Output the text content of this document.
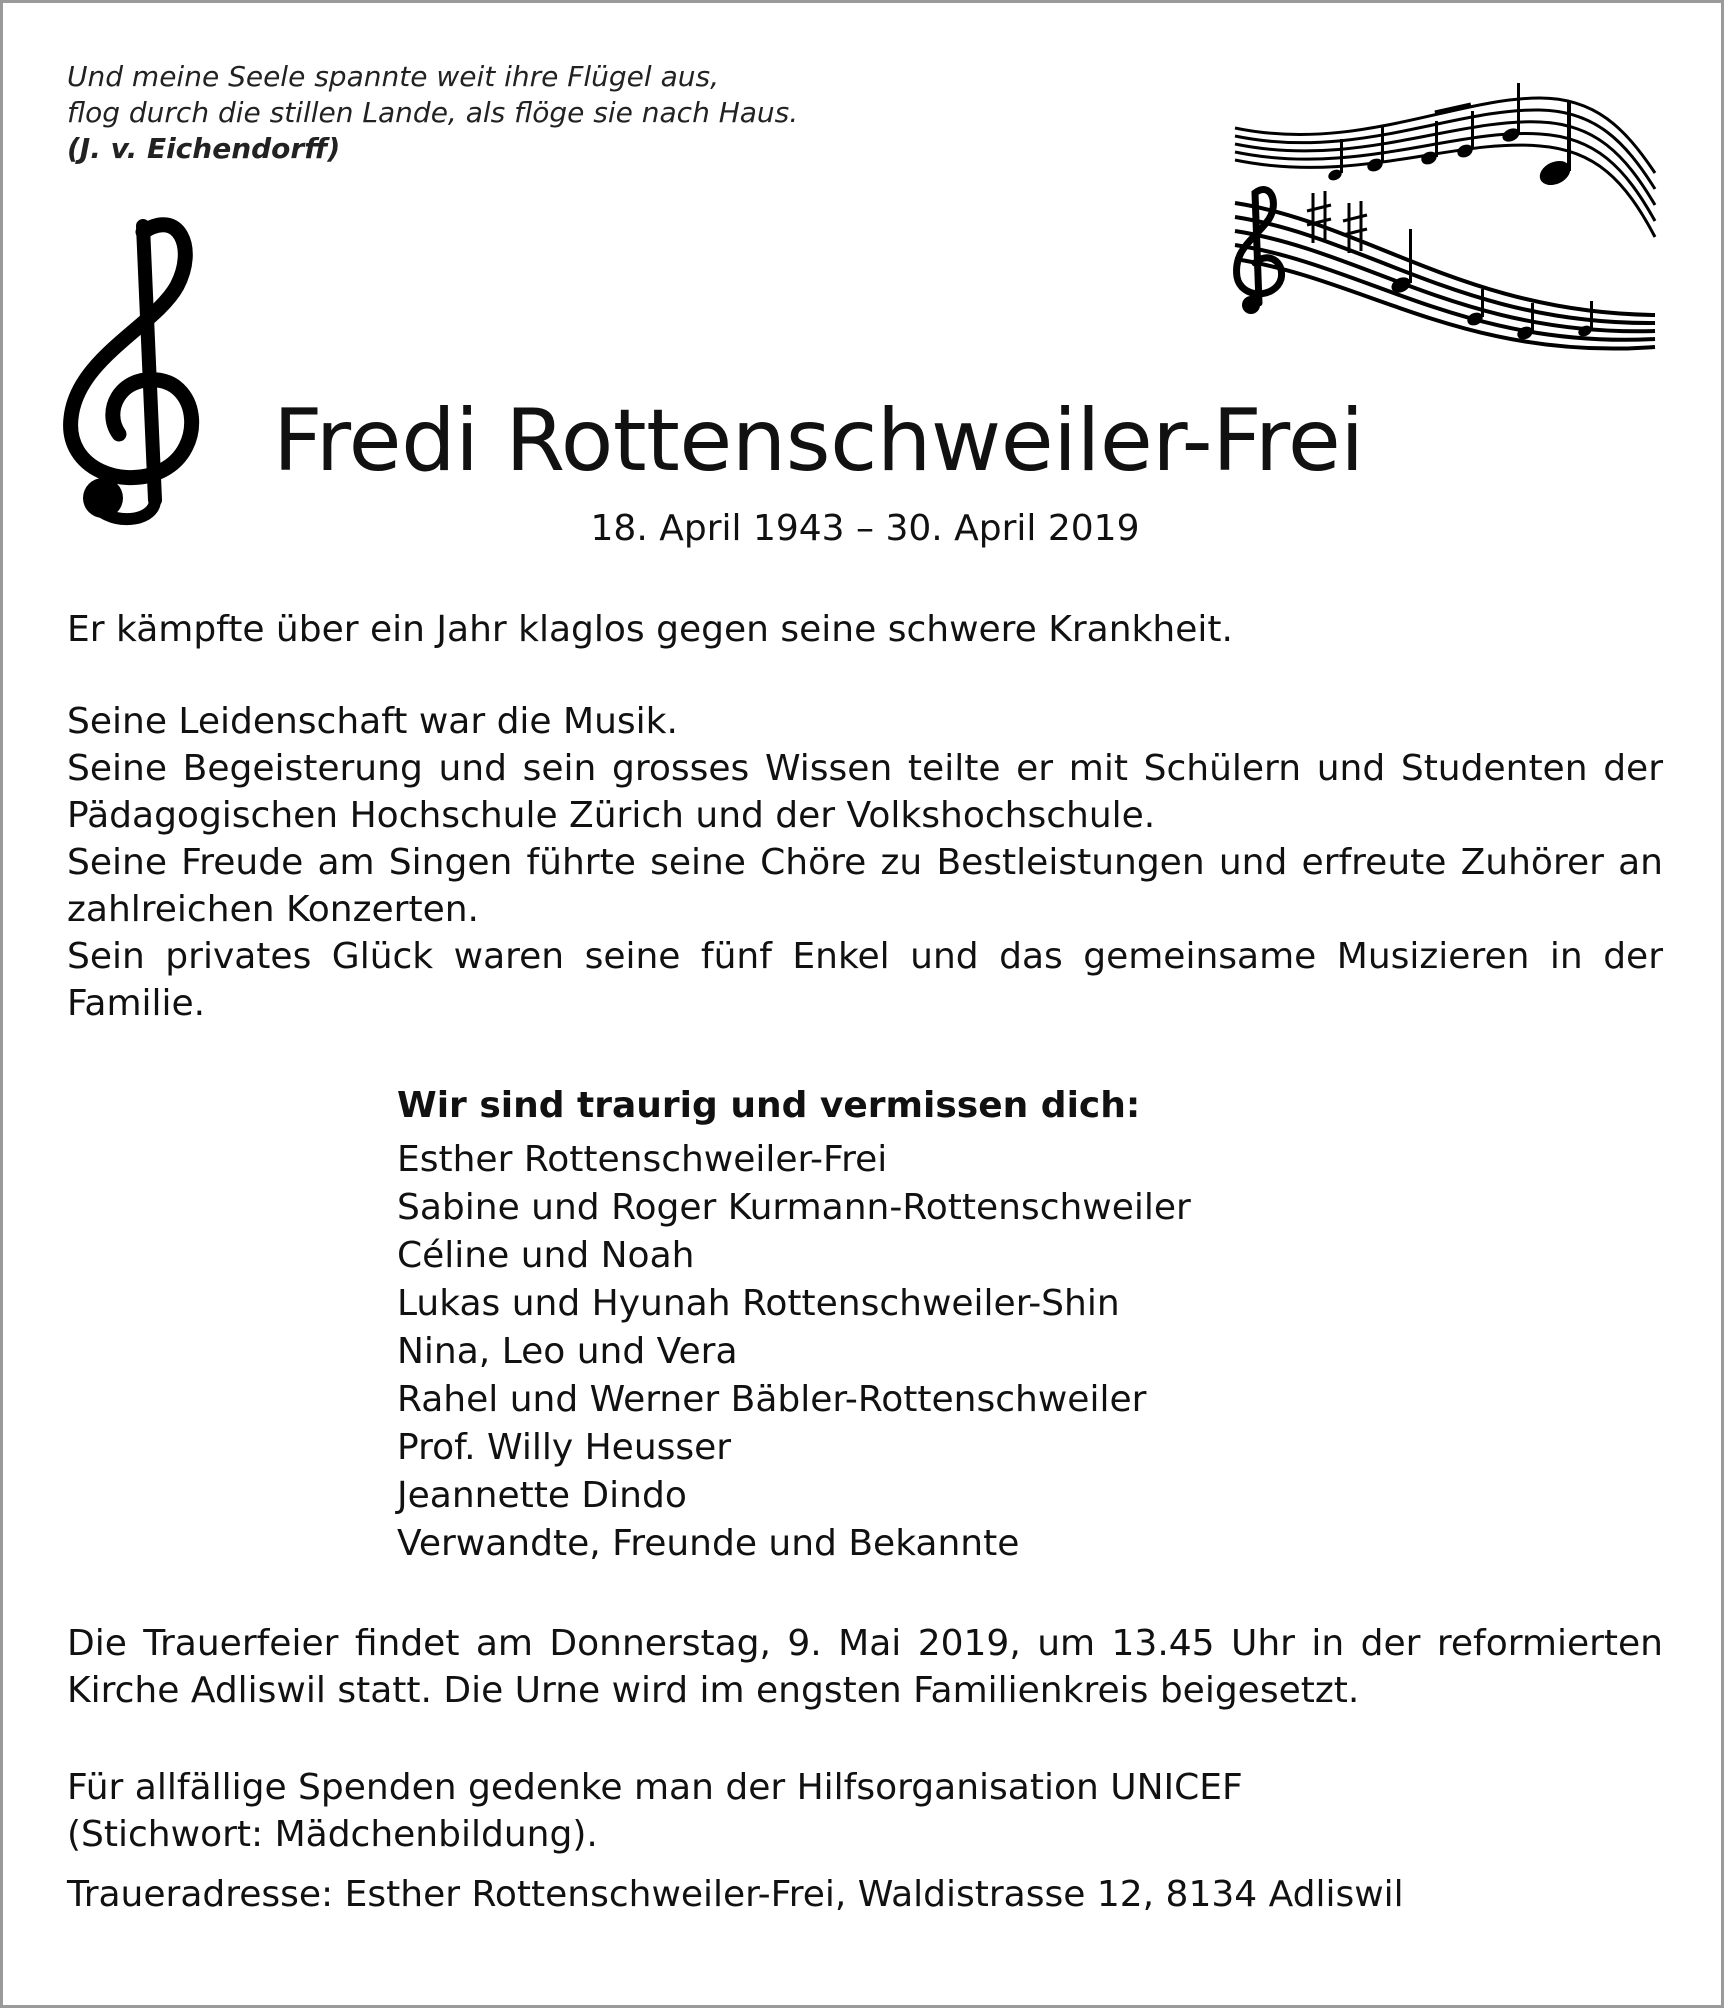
Und meine Seele spannte weit ihre Flügel aus,
flog durch die stillen Lande, als flöge sie nach Haus.
(J. v. Eichendorff)
Fredi Rottenschweiler-Frei
18. April 1943 – 30. April 2019

Er kämpfte über ein Jahr klaglos gegen seine schwere Krankheit.

Seine Leidenschaft war die Musik.

Seine Begeisterung und sein grosses Wissen teilte er mit Schülern und Studenten der Pädagogischen Hochschule Zürich und der Volkshochschule.

Seine Freude am Singen führte seine Chöre zu Bestleistungen und erfreute Zuhörer an zahlreichen Konzerten.

Sein privates Glück waren seine fünf Enkel und das gemeinsame Musizieren in der Familie.

Wir sind traurig und vermissen dich:
Esther Rottenschweiler-Frei
Sabine und Roger Kurmann-Rottenschweiler
Céline und Noah
Lukas und Hyunah Rottenschweiler-Shin
Nina, Leo und Vera
Rahel und Werner Bäbler-Rottenschweiler
Prof. Willy Heusser
Jeannette Dindo
Verwandte, Freunde und Bekannte

Die Trauerfeier findet am Donnerstag, 9. Mai 2019, um 13.45 Uhr in der reformierten Kirche Adliswil statt. Die Urne wird im engsten Familienkreis beigesetzt.

Für allfällige Spenden gedenke man der Hilfsorganisation UNICEF

(Stichwort: Mädchenbildung).

Traueradresse: Esther Rottenschweiler-Frei, Waldistrasse 12, 8134 Adliswil
